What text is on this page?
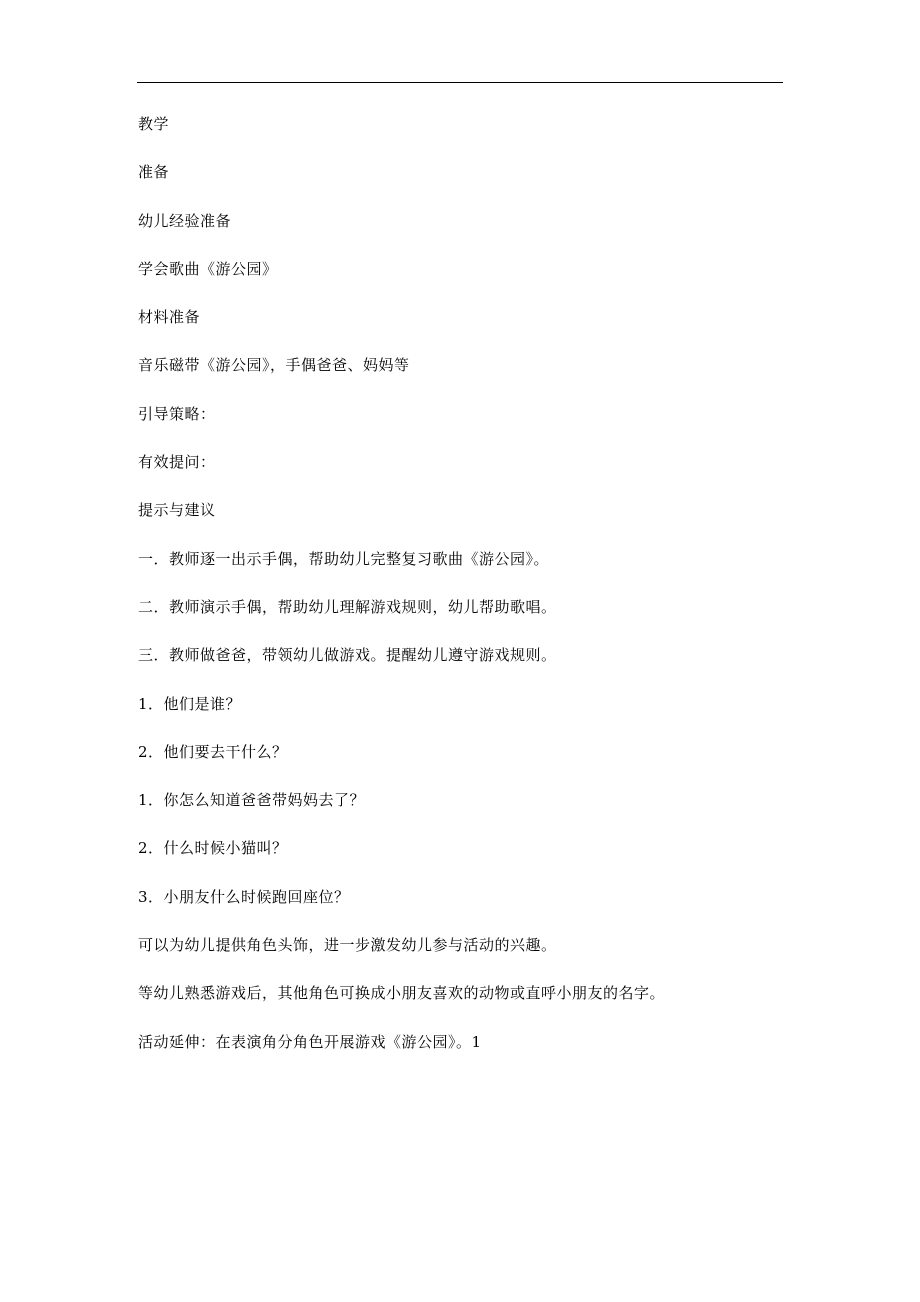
教学
准备
幼儿经验准备
学会歌曲《游公园》
材料准备
音乐磁带《游公园》，手偶爸爸、妈妈等
引导策略：
有效提问：
提示与建议
一．教师逐一出示手偶，帮助幼儿完整复习歌曲《游公园》。
二．教师演示手偶，帮助幼儿理解游戏规则，幼儿帮助歌唱。
三．教师做爸爸，带领幼儿做游戏。提醒幼儿遵守游戏规则。
1．他们是谁？
2．他们要去干什么？
1．你怎么知道爸爸带妈妈去了？
2．什么时候小猫叫？
3．小朋友什么时候跑回座位？
可以为幼儿提供角色头饰，进一步激发幼儿参与活动的兴趣。
等幼儿熟悉游戏后，其他角色可换成小朋友喜欢的动物或直呼小朋友的名字。
活动延伸：在表演角分角色开展游戏《游公园》。1
